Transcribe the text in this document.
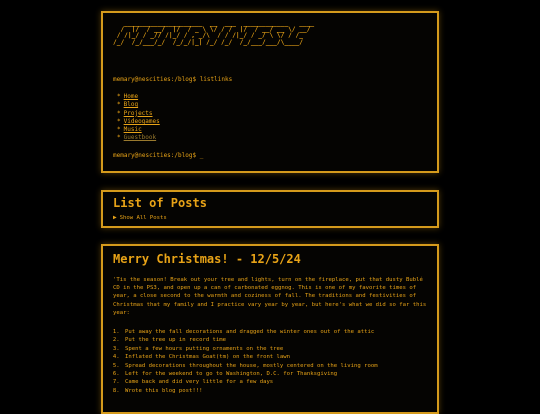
_____________________  __  ___  ____________   ____
/  |/  / __/  |/  / _ \ \/ / /  |/  / __/ __ \/ __/
/ /|_/ / _// /|_/ / , _/\  / / /|_/ / _/ \ \/ / /_
/_/  /_/___/_/  /_/_/|_| /_/ /_/  /_/___/___/\____/
memary@nescities:/blog$ listlinks
* Home
* Blog
* Projects
* Videogames
* Music
* Guestbook
memary@nescities:/blog$ _
List of Posts
▶ Show All Posts
Merry Christmas! - 12/5/24

'Tis the season! Break out your tree and lights, turn on the fireplace, put that dusty Bublé CD in the PS3, and open up a can of carbonated eggnog. This is one of my favorite times of year, a close second to the warmth and coziness of fall. The traditions and festivities of Christmas that my family and I practice vary year by year, but here's what we did so far this year:

1. Put away the fall decorations and dragged the winter ones out of the attic
2. Put the tree up in record time
3. Spent a few hours putting ornaments on the tree
4. Inflated the Christmas Goat(tm) on the front lawn
5. Spread decorations throughout the house, mostly centered on the living room
6. Left for the weekend to go to Washington, D.C. for Thanksgiving
7. Came back and did very little for a few days
8. Wrote this blog post!!!
